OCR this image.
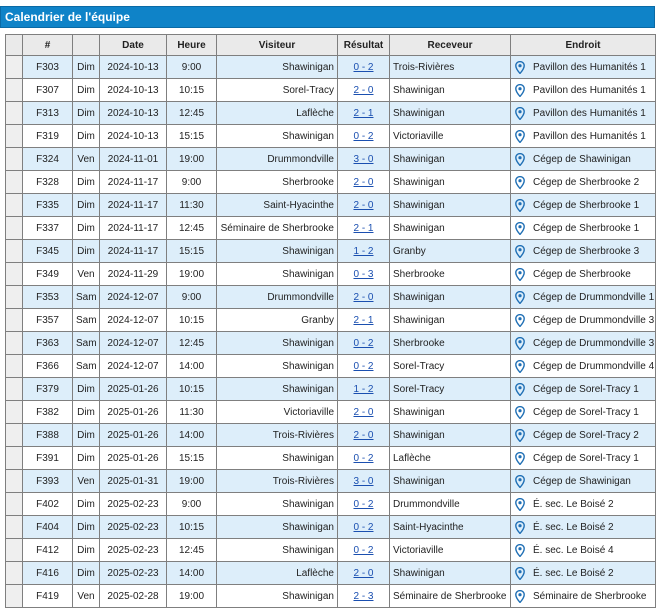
Calendrier de l'équipe
	#		Date	Heure	Visiteur	Résultat	Receveur	Endroit
	F303	Dim	2024-10-13	9:00	Shawinigan	0 - 2	Trois-Rivières	Pavillon des Humanités 1
	F307	Dim	2024-10-13	10:15	Sorel-Tracy	2 - 0	Shawinigan	Pavillon des Humanités 1
	F313	Dim	2024-10-13	12:45	Laflèche	2 - 1	Shawinigan	Pavillon des Humanités 1
	F319	Dim	2024-10-13	15:15	Shawinigan	0 - 2	Victoriaville	Pavillon des Humanités 1
	F324	Ven	2024-11-01	19:00	Drummondville	3 - 0	Shawinigan	Cégep de Shawinigan
	F328	Dim	2024-11-17	9:00	Sherbrooke	2 - 0	Shawinigan	Cégep de Sherbrooke 2
	F335	Dim	2024-11-17	11:30	Saint-Hyacinthe	2 - 0	Shawinigan	Cégep de Sherbrooke 1
	F337	Dim	2024-11-17	12:45	Séminaire de Sherbrooke	2 - 1	Shawinigan	Cégep de Sherbrooke 1
	F345	Dim	2024-11-17	15:15	Shawinigan	1 - 2	Granby	Cégep de Sherbrooke 3
	F349	Ven	2024-11-29	19:00	Shawinigan	0 - 3	Sherbrooke	Cégep de Sherbrooke
	F353	Sam	2024-12-07	9:00	Drummondville	2 - 0	Shawinigan	Cégep de Drummondville 1
	F357	Sam	2024-12-07	10:15	Granby	2 - 1	Shawinigan	Cégep de Drummondville 3
	F363	Sam	2024-12-07	12:45	Shawinigan	0 - 2	Sherbrooke	Cégep de Drummondville 3
	F366	Sam	2024-12-07	14:00	Shawinigan	0 - 2	Sorel-Tracy	Cégep de Drummondville 4
	F379	Dim	2025-01-26	10:15	Shawinigan	1 - 2	Sorel-Tracy	Cégep de Sorel-Tracy 1
	F382	Dim	2025-01-26	11:30	Victoriaville	2 - 0	Shawinigan	Cégep de Sorel-Tracy 1
	F388	Dim	2025-01-26	14:00	Trois-Rivières	2 - 0	Shawinigan	Cégep de Sorel-Tracy 2
	F391	Dim	2025-01-26	15:15	Shawinigan	0 - 2	Laflèche	Cégep de Sorel-Tracy 1
	F393	Ven	2025-01-31	19:00	Trois-Rivières	3 - 0	Shawinigan	Cégep de Shawinigan
	F402	Dim	2025-02-23	9:00	Shawinigan	0 - 2	Drummondville	É. sec. Le Boisé 2
	F404	Dim	2025-02-23	10:15	Shawinigan	0 - 2	Saint-Hyacinthe	É. sec. Le Boisé 2
	F412	Dim	2025-02-23	12:45	Shawinigan	0 - 2	Victoriaville	É. sec. Le Boisé 4
	F416	Dim	2025-02-23	14:00	Laflèche	2 - 0	Shawinigan	É. sec. Le Boisé 2
	F419	Ven	2025-02-28	19:00	Shawinigan	2 - 3	Séminaire de Sherbrooke	Séminaire de Sherbrooke
